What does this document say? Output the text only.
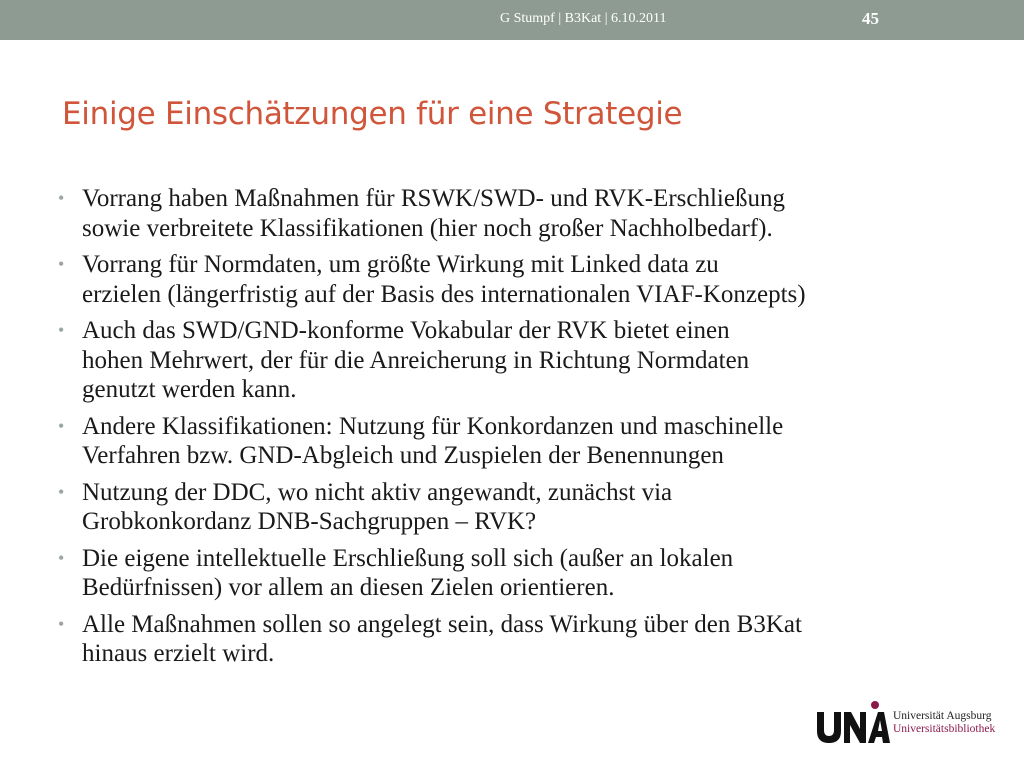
G Stumpf | B3Kat | 6.10.2011	45
Einige Einschätzungen für eine Strategie
• Vorrang haben Maßnahmen für RSWK/SWD- und RVK-Erschließung
sowie verbreitete Klassifikationen (hier noch großer Nachholbedarf).
• Vorrang für Normdaten, um größte Wirkung mit Linked data zu
erzielen (längerfristig auf der Basis des internationalen VIAF-Konzepts)
• Auch das SWD/GND-konforme Vokabular der RVK bietet einen
hohen Mehrwert, der für die Anreicherung in Richtung Normdaten
genutzt werden kann.
• Andere Klassifikationen: Nutzung für Konkordanzen und maschinelle
Verfahren bzw. GND-Abgleich und Zuspielen der Benennungen
• Nutzung der DDC, wo nicht aktiv angewandt, zunächst via
Grobkonkordanz DNB-Sachgruppen – RVK?
• Die eigene intellektuelle Erschließung soll sich (außer an lokalen
Bedürfnissen) vor allem an diesen Zielen orientieren.
• Alle Maßnahmen sollen so angelegt sein, dass Wirkung über den B3Kat
hinaus erzielt wird.
Universität Augsburg
Universitätsbibliothek
